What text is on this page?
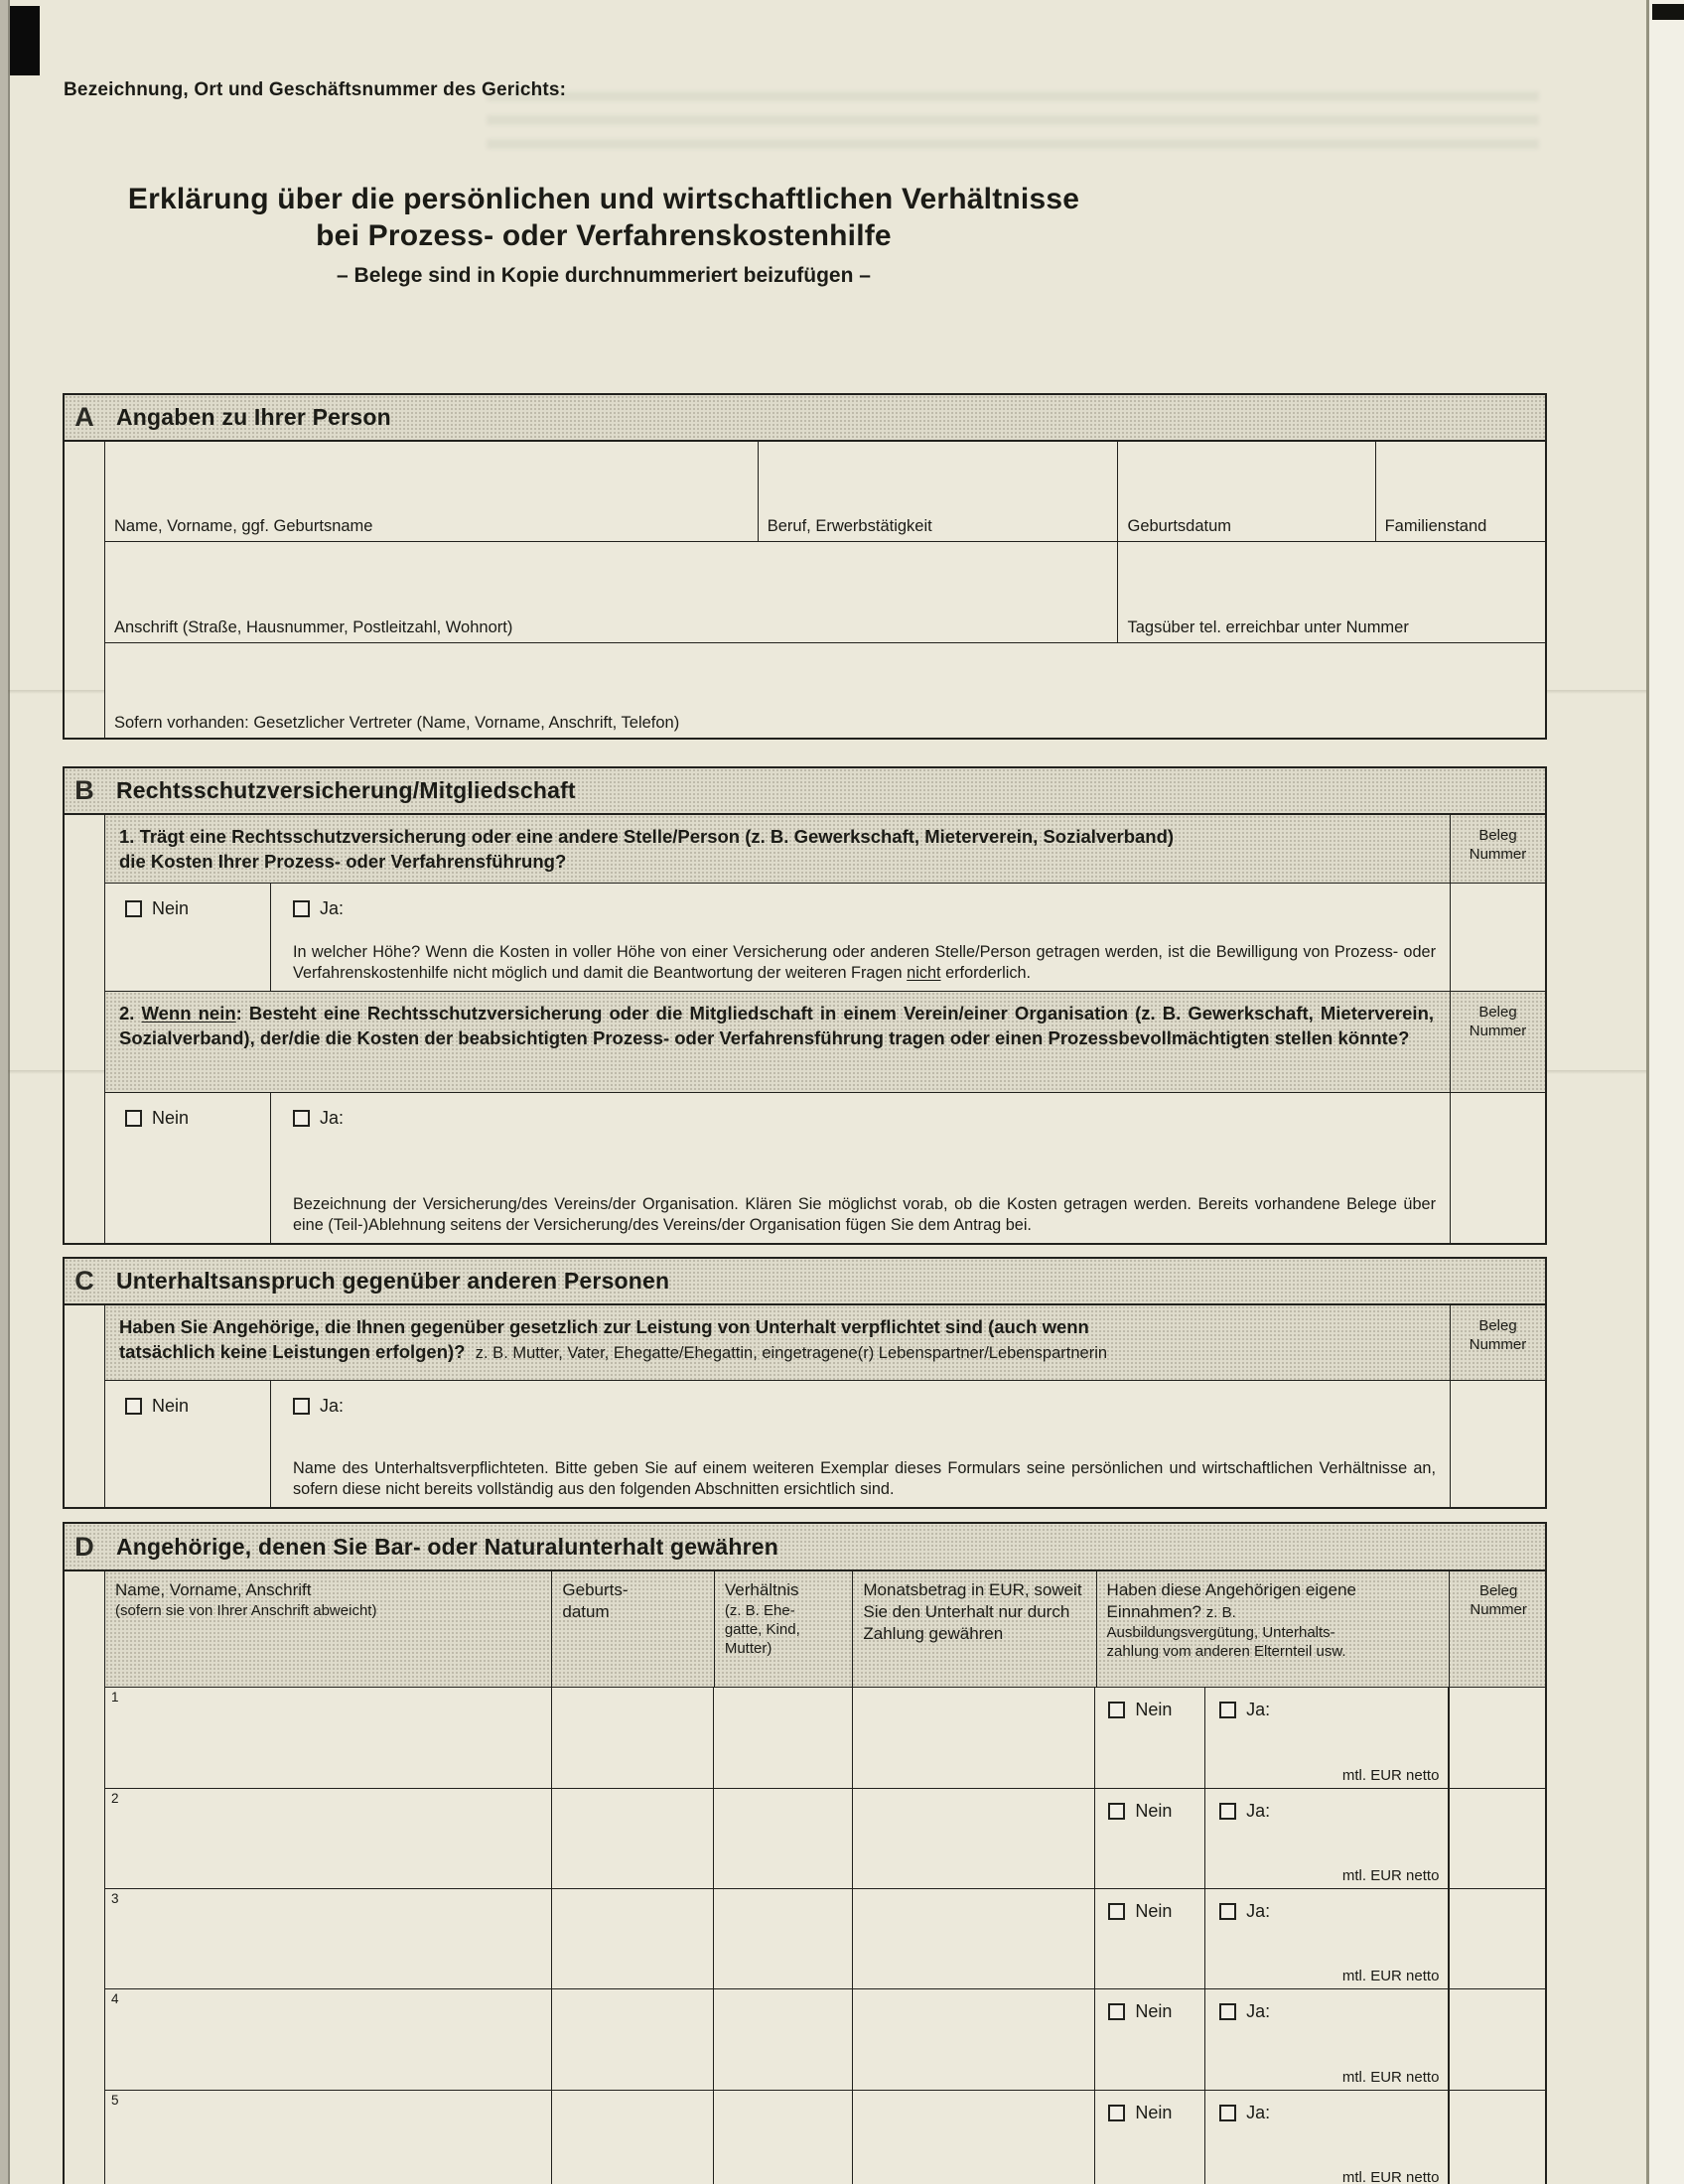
Bezeichnung, Ort und Geschäftsnummer des Gerichts:
Erklärung über die persönlichen und wirtschaftlichen Verhältnisse
bei Prozess- oder Verfahrenskostenhilfe
– Belege sind in Kopie durchnummeriert beizufügen –
A Angaben zu Ihrer Person
Name, Vorname, ggf. Geburtsname	Beruf, Erwerbstätigkeit	Geburtsdatum	Familienstand
Anschrift (Straße, Hausnummer, Postleitzahl, Wohnort)	Tagsüber tel. erreichbar unter Nummer
Sofern vorhanden: Gesetzlicher Vertreter (Name, Vorname, Anschrift, Telefon)
B Rechtsschutzversicherung/Mitgliedschaft
1. Trägt eine Rechtsschutzversicherung oder eine andere Stelle/Person (z. B. Gewerkschaft, Mieterverein, Sozialverband)
die Kosten Ihrer Prozess- oder Verfahrensführung?
Beleg
Nummer
Nein	Ja:
In welcher Höhe? Wenn die Kosten in voller Höhe von einer Versicherung oder anderen Stelle/Person getragen werden, ist die Bewilligung von Prozess- oder Verfahrenskostenhilfe nicht möglich und damit die Beantwortung der weiteren Fragen nicht erforderlich.
2. Wenn nein: Besteht eine Rechtsschutzversicherung oder die Mitgliedschaft in einem Verein/einer Organisation (z. B. Gewerkschaft, Mieterverein, Sozialverband), der/die die Kosten der beabsichtigten Prozess- oder Verfahrensführung tragen oder einen Prozessbevollmächtigten stellen könnte?
Beleg
Nummer
Nein	Ja:
Bezeichnung der Versicherung/des Vereins/der Organisation. Klären Sie möglichst vorab, ob die Kosten getragen werden. Bereits vorhandene Belege über eine (Teil-)Ablehnung seitens der Versicherung/des Vereins/der Organisation fügen Sie dem Antrag bei.
C Unterhaltsanspruch gegenüber anderen Personen
Haben Sie Angehörige, die Ihnen gegenüber gesetzlich zur Leistung von Unterhalt verpflichtet sind (auch wenn
tatsächlich keine Leistungen erfolgen)? z. B. Mutter, Vater, Ehegatte/Ehegattin, eingetragene(r) Lebenspartner/Lebenspartnerin
Beleg
Nummer
Nein	Ja:
Name des Unterhaltsverpflichteten. Bitte geben Sie auf einem weiteren Exemplar dieses Formulars seine persönlichen und wirtschaftlichen Verhältnisse an, sofern diese nicht bereits vollständig aus den folgenden Abschnitten ersichtlich sind.
D Angehörige, denen Sie Bar- oder Naturalunterhalt gewähren
Name, Vorname, Anschrift
(sofern sie von Ihrer Anschrift abweicht)
Geburts-
datum
Verhältnis
(z. B. Ehe-
gatte, Kind,
Mutter)
Monatsbetrag in EUR, soweit Sie den Unterhalt nur durch Zahlung gewähren
Haben diese Angehörigen eigene Einnahmen? z. B.
Ausbildungsvergütung, Unterhalts-
zahlung vom anderen Elternteil usw.
Beleg
Nummer
1
Nein	Ja:
mtl. EUR netto
2
Nein	Ja:
mtl. EUR netto
3
Nein	Ja:
mtl. EUR netto
4
Nein	Ja:
mtl. EUR netto
5
Nein	Ja:
mtl. EUR netto
